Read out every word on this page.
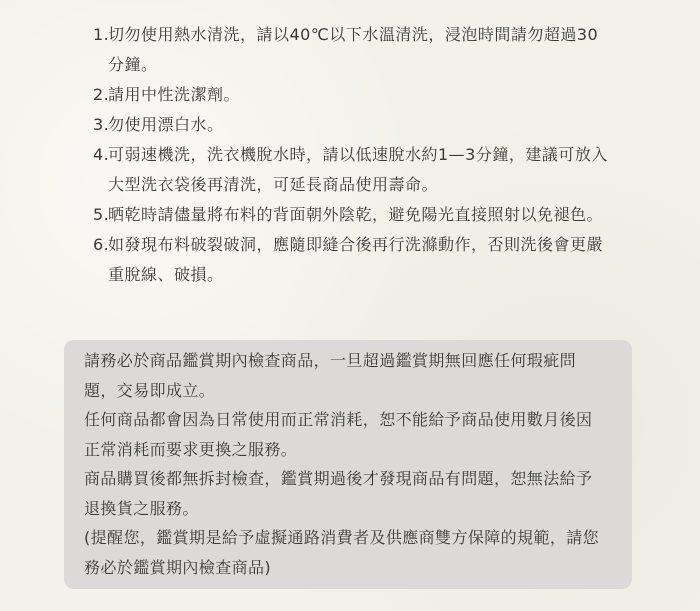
1.
切勿使用熱水清洗，請以40℃以下水溫清洗，浸泡時間請勿超過30分鐘。
2.
請用中性洗潔劑。
3.
勿使用漂白水。
4.
可弱速機洗，洗衣機脫水時，請以低速脫水約1—3分鐘，建議可放入大型洗衣袋後再清洗，可延長商品使用壽命。
5.
晒乾時請儘量將布料的背面朝外陰乾，避免陽光直接照射以免褪色。
6.
如發現布料破裂破洞，應隨即縫合後再行洗滌動作，否則洗後會更嚴重脫線、破損。

請務必於商品鑑賞期內檢查商品，一旦超過鑑賞期無回應任何瑕疵問題，交易即成立。

任何商品都會因為日常使用而正常消耗，恕不能給予商品使用數月後因正常消耗而要求更換之服務。

商品購買後都無拆封檢查，鑑賞期過後才發現商品有問題，恕無法給予退換貨之服務。

(提醒您，鑑賞期是給予虛擬通路消費者及供應商雙方保障的規範，請您務必於鑑賞期內檢查商品)
